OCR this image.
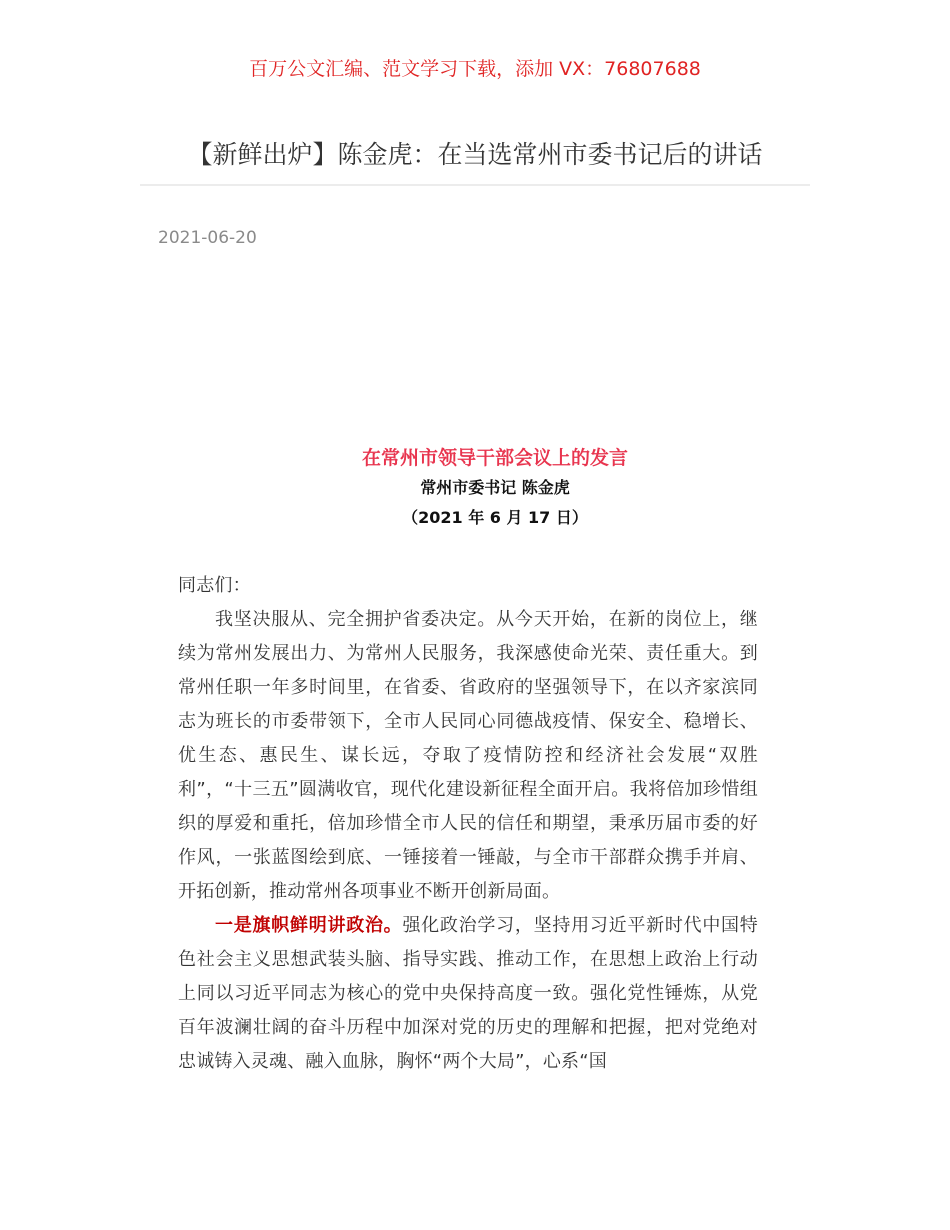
百万公文汇编、范文学习下载，添加 VX：76807688
【新鲜出炉】陈金虎：在当选常州市委书记后的讲话
2021-06-20
在常州市领导干部会议上的发言
常州市委书记 陈金虎
（2021 年 6 月 17 日）

同志们：

我坚决服从、完全拥护省委决定。从今天开始，在新的岗位上，继续为常州发展出力、为常州人民服务，我深感使命光荣、责任重大。到常州任职一年多时间里，在省委、省政府的坚强领导下，在以齐家滨同志为班长的市委带领下，全市人民同心同德战疫情、保安全、稳增长、优生态、惠民生、谋长远，夺取了疫情防控和经济社会发展“双胜利”，“十三五”圆满收官，现代化建设新征程全面开启。我将倍加珍惜组织的厚爱和重托，倍加珍惜全市人民的信任和期望，秉承历届市委的好作风，一张蓝图绘到底、一锤接着一锤敲，与全市干部群众携手并肩、开拓创新，推动常州各项事业不断开创新局面。

一是旗帜鲜明讲政治。强化政治学习，坚持用习近平新时代中国特色社会主义思想武装头脑、指导实践、推动工作，在思想上政治上行动上同以习近平同志为核心的党中央保持高度一致。强化党性锤炼，从党百年波澜壮阔的奋斗历程中加深对党的历史的理解和把握，把对党绝对忠诚铸入灵魂、融入血脉，胸怀“两个大局”，心系“国
